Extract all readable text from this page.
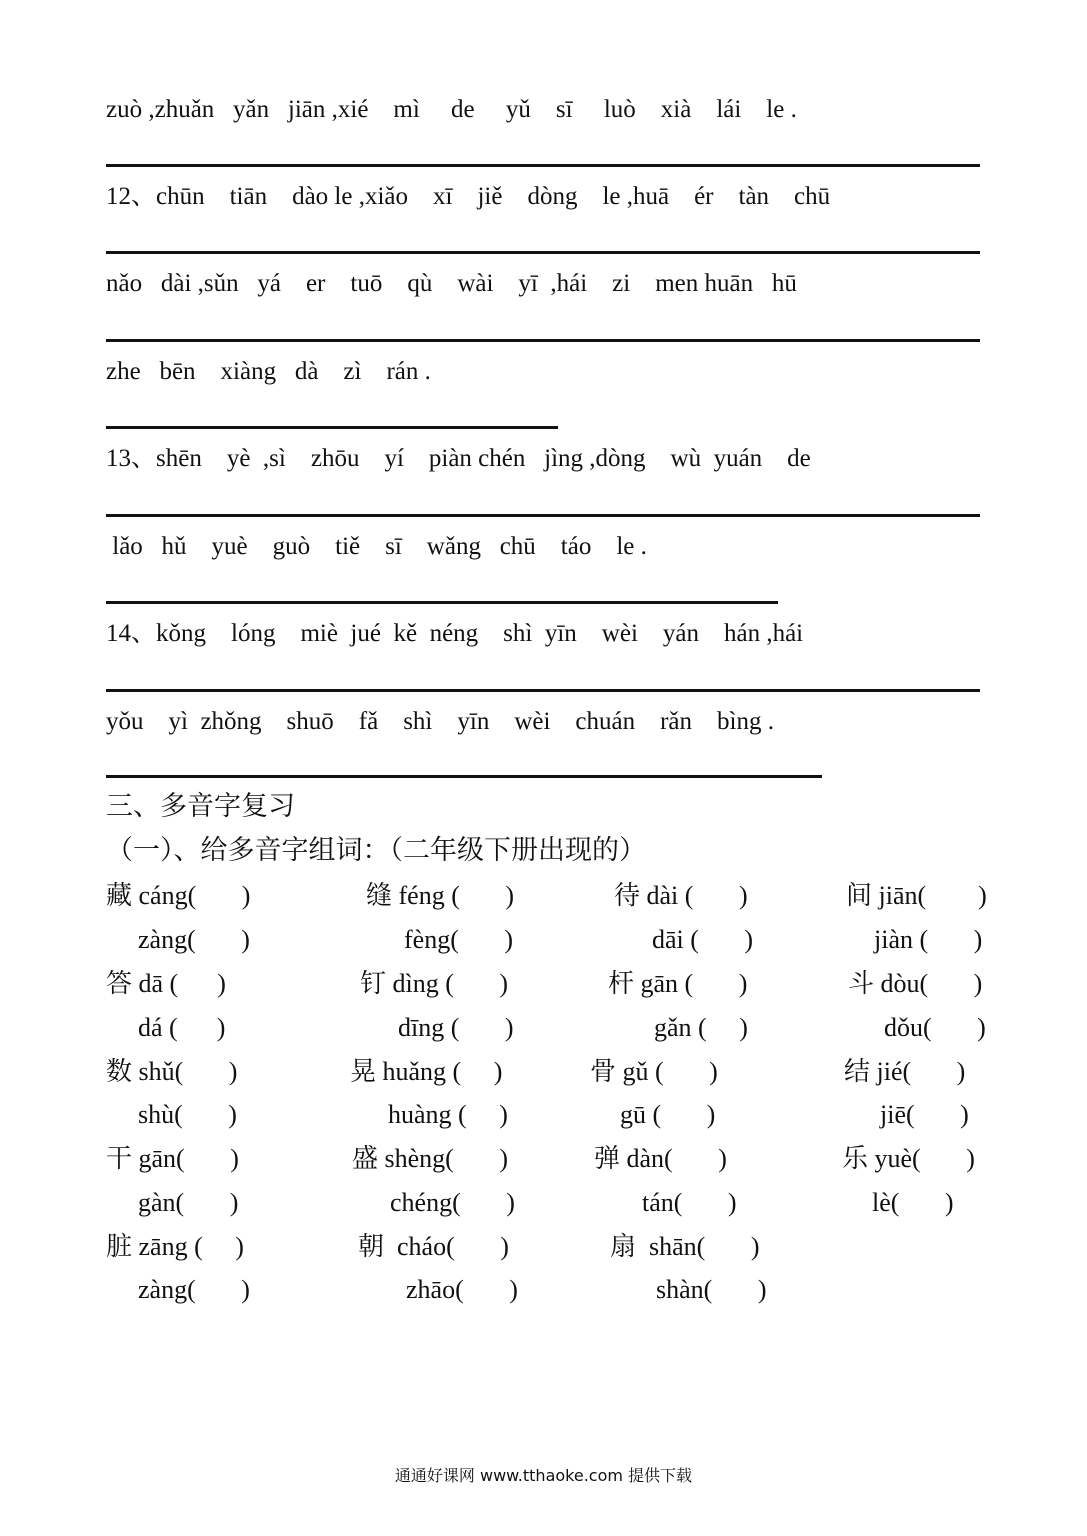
zuò ,zhuǎn   yǎn   jiān ,xié    mì     de     yǔ    sī     luò    xià    lái    le .
12、chūn    tiān    dào le ,xiǎo    xī    jiě    dòng    le ,huā    ér    tàn    chū
nǎo   dài ,sǔn   yá    er    tuō    qù    wài    yī  ,hái    zi    men huān   hū
zhe   bēn    xiàng   dà    zì    rán .
13、shēn    yè  ,sì    zhōu    yí    piàn chén   jìng ,dòng    wù  yuán    de
lǎo   hǔ    yuè    guò    tiě    sī    wǎng   chū    táo    le .
14、kǒng    lóng    miè  jué  kě  néng    shì  yīn    wèi    yán    hán ,hái
yǒu    yì  zhǒng    shuō    fǎ    shì    yīn    wèi    chuán    rǎn    bìng .
三、多音字复习
（一）、给多音字组词：（二年级下册出现的）
藏 cáng(       )
zàng(       )
缝 féng (       )
fèng(       )
待 dài (       )
dāi (       )
间 jiān(        )
jiàn (       )
答 dā (      )
dá (      )
钉 dìng (       )
dīng (       )
杆 gān (       )
gǎn (     )
斗 dòu(       )
dǒu(       )
数 shǔ(       )
shù(       )
晃 huǎng (     )
huàng (     )
骨 gǔ (       )
gū (       )
结 jié(       )
jiē(       )
干 gān(       )
gàn(       )
盛 shèng(       )
chéng(       )
弹 dàn(       )
tán(       )
乐 yuè(       )
lè(       )
脏 zāng (     )
zàng(       )
朝  cháo(       )
zhāo(       )
扇  shān(       )
shàn(       )
通通好课网 www.tthaoke.com 提供下载
